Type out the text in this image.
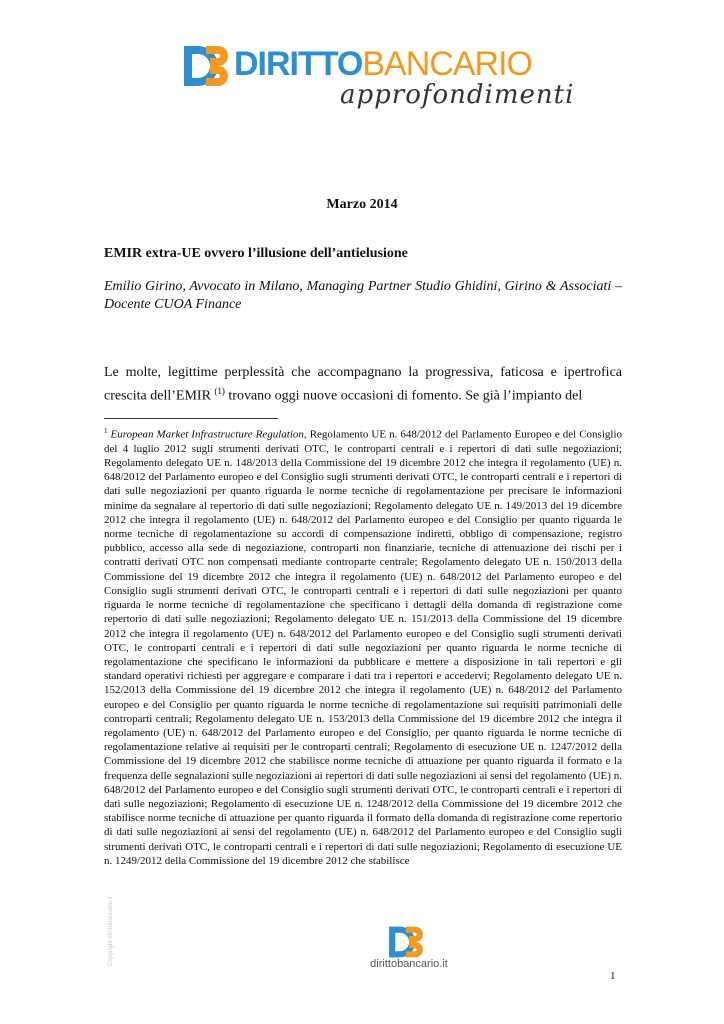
DIRITTOBANCARIO
approfondimenti
Marzo 2014
EMIR extra-UE ovvero l’illusione dell’antielusione
Emilio Girino, Avvocato in Milano, Managing Partner Studio Ghidini, Girino & Associati – Docente CUOA Finance
Le molte, legittime perplessità che accompagnano la progressiva, faticosa e ipertrofica crescita dell’EMIR $^{(1)}$ trovano oggi nuove occasioni di fomento. Se già l’impianto del
$^1$ European Market Infrastructure Regulation, Regolamento UE n. 648/2012 del Parlamento Europeo e del Consiglio del 4 luglio 2012 sugli strumenti derivati OTC, le controparti centrali e i repertori di dati sulle negoziazioni; Regolamento delegato UE n. 148/2013 della Commissione del 19 dicembre 2012 che integra il regolamento (UE) n. 648/2012 del Parlamento europeo e del Consiglio sugli strumenti derivati OTC, le controparti centrali e i repertori di dati sulle negoziazioni per quanto riguarda le norme tecniche di regolamentazione per precisare le informazioni minime da segnalare al repertorio di dati sulle negoziazioni; Regolamento delegato UE n. 149/2013 del 19 dicembre 2012 che integra il regolamento (UE) n. 648/2012 del Parlamento europeo e del Consiglio per quanto riguarda le norme tecniche di regolamentazione su accordi di compensazione indiretti, obbligo di compensazione, registro pubblico, accesso alla sede di negoziazione, controparti non finanziarie, tecniche di attenuazione dei rischi per i contratti derivati OTC non compensati mediante controparte centrale; Regolamento delegato UE n. 150/2013 della Commissione del 19 dicembre 2012 che integra il regolamento (UE) n. 648/2012 del Parlamento europeo e del Consiglio sugli strumenti derivati OTC, le controparti centrali e i repertori di dati sulle negoziazioni per quanto riguarda le norme tecniche di regolamentazione che specificano i dettagli della domanda di registrazione come repertorio di dati sulle negoziazioni; Regolamento delegato UE n. 151/2013 della Commissione del 19 dicembre 2012 che integra il regolamento (UE) n. 648/2012 del Parlamento europeo e del Consiglio sugli strumenti derivati OTC, le controparti centrali e i repertori di dati sulle negoziazioni per quanto riguarda le norme tecniche di regolamentazione che specificano le informazioni da pubblicare e mettere a disposizione in tali repertori e gli standard operativi richiesti per aggregare e comparare i dati tra i repertori e accedervi; Regolamento delegato UE n. 152/2013 della Commissione del 19 dicembre 2012 che integra il regolamento (UE) n. 648/2012 del Parlamento europeo e del Consiglio per quanto riguarda le norme tecniche di regolamentazione sui requisiti patrimoniali delle controparti centrali; Regolamento delegato UE n. 153/2013 della Commissione del 19 dicembre 2012 che integra il regolamento (UE) n. 648/2012 del Parlamento europeo e del Consiglio, per quanto riguarda le norme tecniche di regolamentazione relative ai requisiti per le controparti centrali; Regolamento di esecuzione UE n. 1247/2012 della Commissione del 19 dicembre 2012 che stabilisce norme tecniche di attuazione per quanto riguarda il formato e la frequenza delle segnalazioni sulle negoziazioni ai repertori di dati sulle negoziazioni ai sensi del regolamento (UE) n. 648/2012 del Parlamento europeo e del Consiglio sugli strumenti derivati OTC, le controparti centrali e i repertori di dati sulle negoziazioni; Regolamento di esecuzione UE n. 1248/2012 della Commissione del 19 dicembre 2012 che stabilisce norme tecniche di attuazione per quanto riguarda il formato della domanda di registrazione come repertorio di dati sulle negoziazioni ai sensi del regolamento (UE) n. 648/2012 del Parlamento europeo e del Consiglio sugli strumenti derivati OTC, le controparti centrali e i repertori di dati sulle negoziazioni; Regolamento di esecuzione UE n. 1249/2012 della Commissione del 19 dicembre 2012 che stabilisce
Copyright dirittobancario.it	dirittobancario.it
1
